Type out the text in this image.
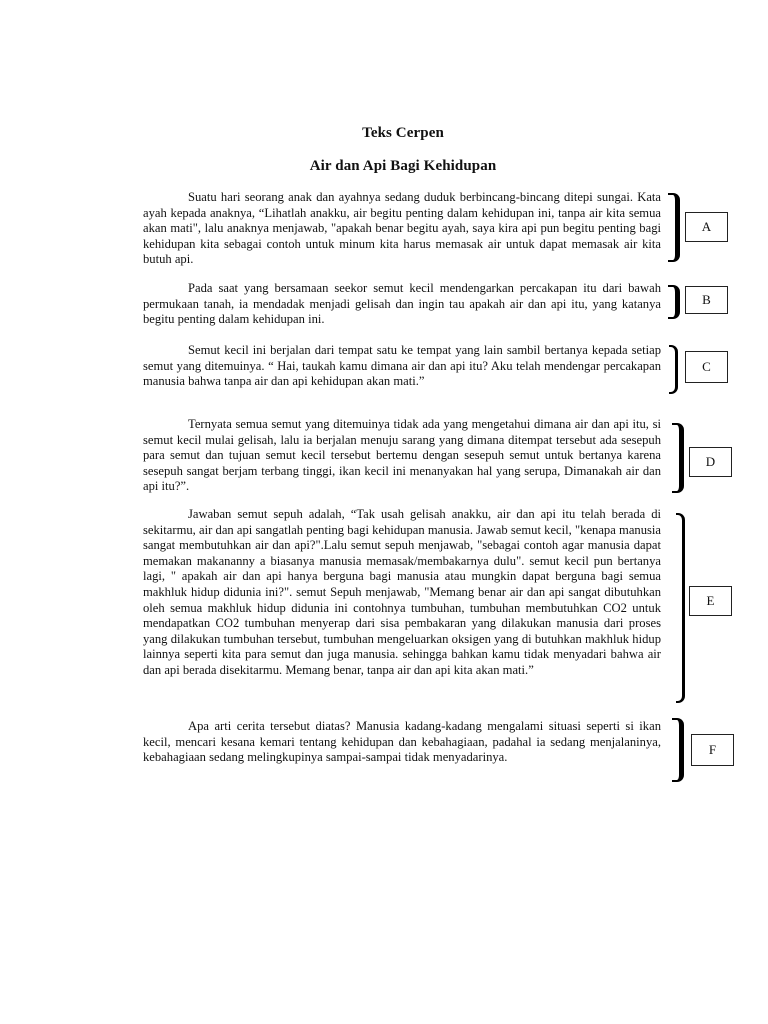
Teks Cerpen
Air dan Api Bagi Kehidupan

Suatu hari seorang anak dan ayahnya sedang duduk berbincang-bincang ditepi sungai. Kata ayah kepada anaknya, “Lihatlah anakku, air begitu penting dalam kehidupan ini, tanpa air kita semua akan mati", lalu anaknya menjawab, "apakah benar begitu ayah, saya kira api pun begitu penting bagi kehidupan kita sebagai contoh untuk minum kita harus memasak air untuk dapat memasak air kita butuh api.

Pada saat yang bersamaan seekor semut kecil mendengarkan percakapan itu dari bawah permukaan tanah, ia mendadak menjadi gelisah dan ingin tau apakah air dan api itu, yang katanya begitu penting dalam kehidupan ini.

Semut kecil ini berjalan dari tempat satu ke tempat yang lain sambil bertanya kepada setiap semut yang ditemuinya. “ Hai, taukah kamu dimana air dan api itu? Aku telah mendengar percakapan manusia bahwa tanpa air dan api kehidupan akan mati.”

Ternyata semua semut yang ditemuinya tidak ada yang mengetahui dimana air dan api itu, si semut kecil mulai gelisah, lalu ia berjalan menuju sarang yang dimana ditempat tersebut ada sesepuh para semut dan tujuan semut kecil tersebut bertemu dengan sesepuh semut untuk bertanya karena sesepuh sangat berjam terbang tinggi, ikan kecil ini menanyakan hal yang serupa, Dimanakah air dan api itu?”.

Jawaban semut sepuh adalah, “Tak usah gelisah anakku, air dan api itu telah berada di sekitarmu, air dan api sangatlah penting bagi kehidupan manusia. Jawab semut kecil, "kenapa manusia sangat membutuhkan air dan api?".Lalu semut sepuh menjawab, "sebagai contoh agar manusia dapat memakan makananny a biasanya manusia memasak/membakarnya dulu". semut kecil pun bertanya lagi, " apakah air dan api hanya berguna bagi manusia atau mungkin dapat berguna bagi semua makhluk hidup didunia ini?". semut Sepuh menjawab, "Memang benar air dan api sangat dibutuhkan oleh semua makhluk hidup didunia ini contohnya tumbuhan, tumbuhan membutuhkan CO2 untuk mendapatkan CO2 tumbuhan menyerap dari sisa pembakaran yang dilakukan manusia dari proses yang dilakukan tumbuhan tersebut, tumbuhan mengeluarkan oksigen yang di butuhkan makhluk hidup lainnya seperti kita para semut dan juga manusia. sehingga bahkan kamu tidak menyadari bahwa air dan api berada disekitarmu. Memang benar, tanpa air dan api kita akan mati.”

Apa arti cerita tersebut diatas? Manusia kadang-kadang mengalami situasi seperti si ikan kecil, mencari kesana kemari tentang kehidupan dan kebahagiaan, padahal ia sedang menjalaninya, kebahagiaan sedang melingkupinya sampai-sampai tidak menyadarinya.

A
B
C
D
E
F
